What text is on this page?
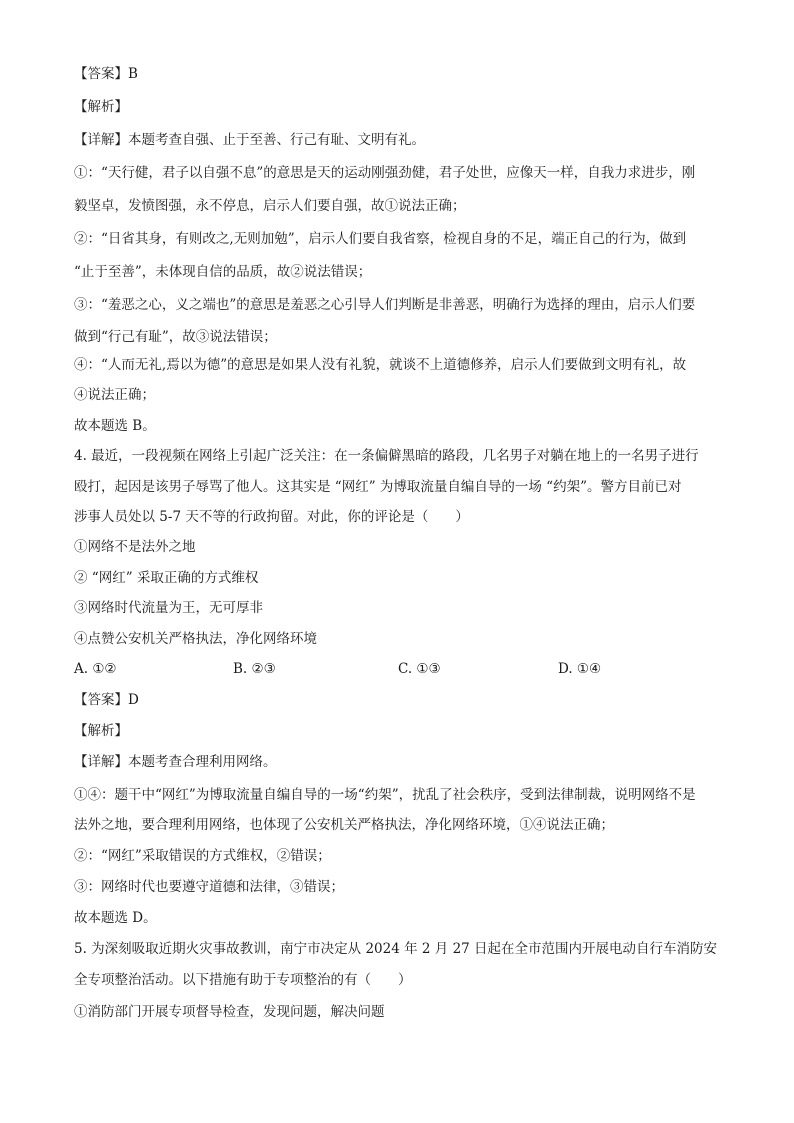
【答案】B
【解析】
【详解】本题考查自强、止于至善、行己有耻、文明有礼。
①：“天行健，君子以自强不息”的意思是天的运动刚强劲健，君子处世，应像天一样，自我力求进步，刚
毅坚卓，发愤图强，永不停息，启示人们要自强，故①说法正确；
②：“日省其身，有则改之,无则加勉”，启示人们要自我省察，检视自身的不足，端正自己的行为，做到
“止于至善”，未体现自信的品质，故②说法错误；
③：“羞恶之心，义之端也”的意思是羞恶之心引导人们判断是非善恶，明确行为选择的理由，启示人们要
做到“行己有耻”，故③说法错误；
④：“人而无礼,焉以为德”的意思是如果人没有礼貌，就谈不上道德修养，启示人们要做到文明有礼，故
④说法正确；
故本题选 B。
4. 最近，一段视频在网络上引起广泛关注：在一条偏僻黑暗的路段，几名男子对躺在地上的一名男子进行
殴打，起因是该男子辱骂了他人。这其实是 “网红” 为博取流量自编自导的一场 “约架”。警方目前已对
涉事人员处以 5-7 天不等的行政拘留。对此，你的评论是（　　）
①网络不是法外之地
② “网红” 采取正确的方式维权
③网络时代流量为王，无可厚非
④点赞公安机关严格执法，净化网络环境
A. ①②	B. ②③	C. ①③	D. ①④
【答案】D
【解析】
【详解】本题考查合理利用网络。
①④：题干中“网红”为博取流量自编自导的一场“约架”，扰乱了社会秩序，受到法律制裁，说明网络不是
法外之地，要合理利用网络，也体现了公安机关严格执法，净化网络环境，①④说法正确；
②：“网红”采取错误的方式维权，②错误；
③：网络时代也要遵守道德和法律，③错误；
故本题选 D。
5. 为深刻吸取近期火灾事故教训，南宁市决定从 2024 年 2 月 27 日起在全市范围内开展电动自行车消防安
全专项整治活动。以下措施有助于专项整治的有（　　）
①消防部门开展专项督导检查，发现问题，解决问题
